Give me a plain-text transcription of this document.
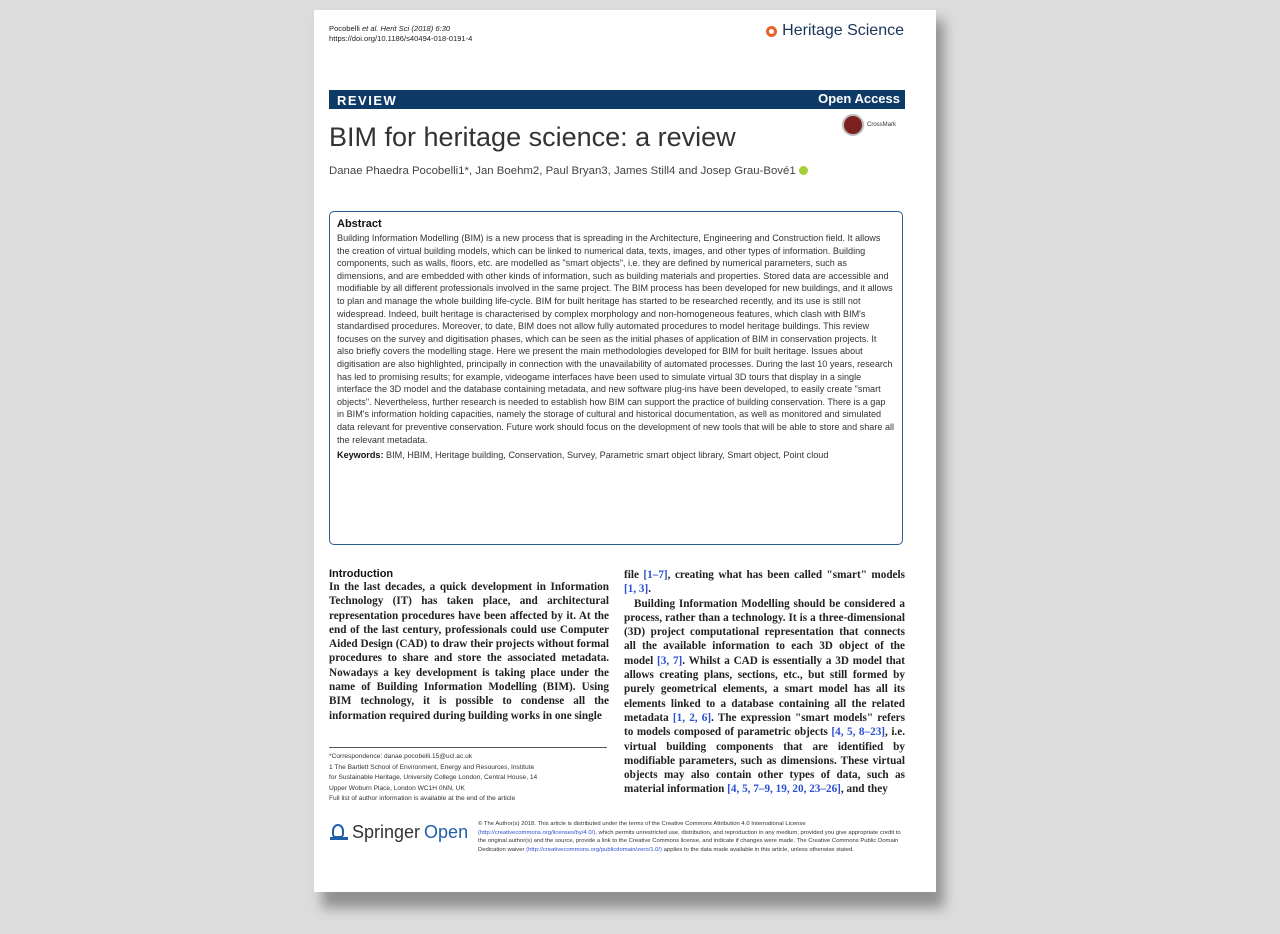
Pocobelli et al. Herit Sci (2018) 6:30
https://doi.org/10.1186/s40494-018-0191-4	Heritage Science
REVIEW	Open Access
BIM for heritage science: a review	CrossMark
Danae Phaedra Pocobelli1*, Jan Boehm2, Paul Bryan3, James Still4 and Josep Grau‑Bové1
Abstract

Building Information Modelling (BIM) is a new process that is spreading in the Architecture, Engineering and Construction field. It allows the creation of virtual building models, which can be linked to numerical data, texts, images, and other types of information. Building components, such as walls, floors, etc. are modelled as "smart objects", i.e. they are defined by numerical parameters, such as dimensions, and are embedded with other kinds of information, such as building materials and properties. Stored data are accessible and modifiable by all different professionals involved in the same project. The BIM process has been developed for new buildings, and it allows to plan and manage the whole building life-cycle. BIM for built heritage has started to be researched recently, and its use is still not widespread. Indeed, built heritage is characterised by complex morphology and non-homogeneous features, which clash with BIM's standardised procedures. Moreover, to date, BIM does not allow fully automated procedures to model heritage buildings. This review focuses on the survey and digitisation phases, which can be seen as the initial phases of application of BIM in conservation projects. It also briefly covers the modelling stage. Here we present the main methodologies developed for BIM for built heritage. Issues about digitisation are also highlighted, principally in connection with the unavailability of automated processes. During the last 10 years, research has led to promising results; for example, videogame interfaces have been used to simulate virtual 3D tours that display in a single interface the 3D model and the database containing metadata, and new software plug-ins have been developed, to easily create "smart objects". Nevertheless, further research is needed to establish how BIM can support the practice of building conservation. There is a gap in BIM's information holding capacities, namely the storage of cultural and historical documentation, as well as monitored and simulated data relevant for preventive conservation. Future work should focus on the development of new tools that will be able to store and share all the relevant metadata.

Keywords: BIM, HBIM, Heritage building, Conservation, Survey, Parametric smart object library, Smart object, Point cloud

Introduction

In the last decades, a quick development in Information Technology (IT) has taken place, and architectural representation procedures have been affected by it. At the end of the last century, professionals could use Computer Aided Design (CAD) to draw their projects without formal procedures to share and store the associated metadata. Nowadays a key development is taking place under the name of Building Information Modelling (BIM). Using BIM technology, it is possible to condense all the information required during building works in one single

file [1–7], creating what has been called "smart" models [1, 3].

Building Information Modelling should be considered a process, rather than a technology. It is a three-dimensional (3D) project computational representation that connects all the available information to each 3D object of the model [3, 7]. Whilst a CAD is essentially a 3D model that allows creating plans, sections, etc., but still formed by purely geometrical elements, a smart model has all its elements linked to a database containing all the related metadata [1, 2, 6]. The expression "smart models" refers to models composed of parametric objects [4, 5, 8–23], i.e. virtual building components that are identified by modifiable parameters, such as dimensions. These virtual objects may also contain other types of data, such as material information [4, 5, 7–9, 19, 20, 23–26], and they

*Correspondence: danae.pocobelli.15@ucl.ac.uk
1 The Bartlett School of Environment, Energy and Resources, Institute
for Sustainable Heritage, University College London, Central House, 14
Upper Woburn Place, London WC1H 0NN, UK
Full list of author information is available at the end of the article
Springer Open © The Author(s) 2018. This article is distributed under the terms of the Creative Commons Attribution 4.0 International License (http://creativecommons.org/licenses/by/4.0/), which permits unrestricted use, distribution, and reproduction in any medium, provided you give appropriate credit to the original author(s) and the source, provide a link to the Creative Commons license, and indicate if changes were made. The Creative Commons Public Domain Dedication waiver (http://creativecommons.org/publicdomain/zero/1.0/) applies to the data made available in this article, unless otherwise stated.
